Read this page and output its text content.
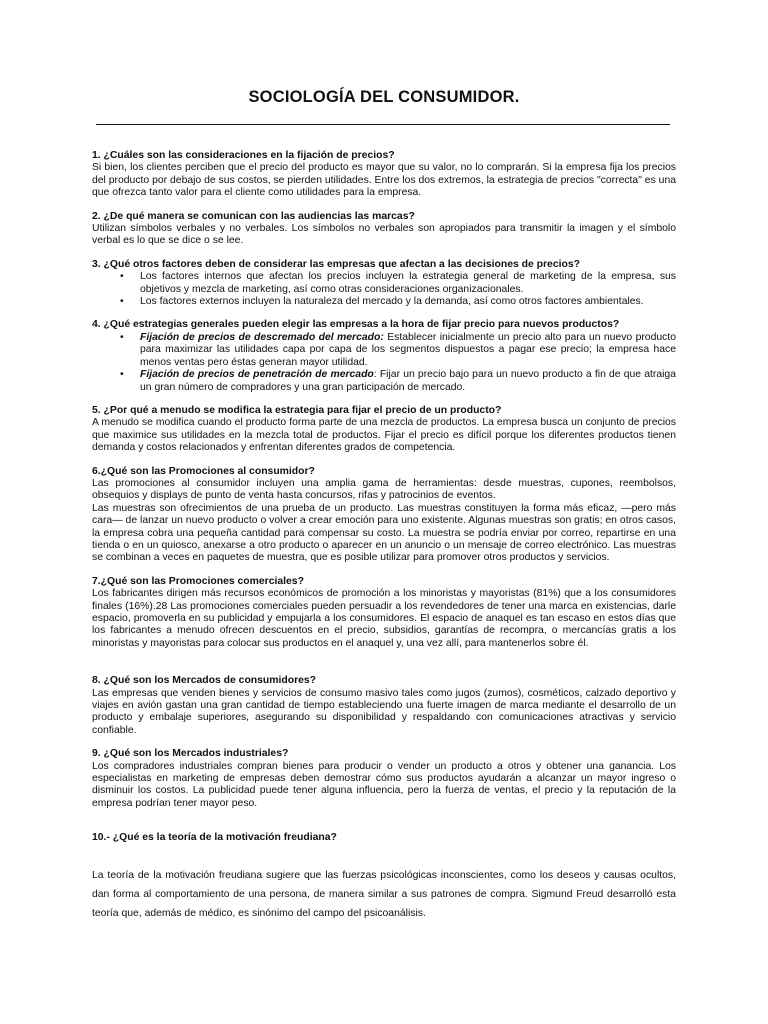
SOCIOLOGÍA DEL CONSUMIDOR.
1. ¿Cuáles son las consideraciones en la fijación de precios?

Si bien, los clientes perciben que el precio del producto es mayor que su valor, no lo comprarán. Si la empresa fija los precios del producto por debajo de sus costos, se pierden utilidades. Entre los dos extremos, la estrategia de precios "correcta" es una que ofrezca tanto valor para el cliente como utilidades para la empresa.

2. ¿De qué manera se comunican con las audiencias las marcas?

Utilizan símbolos verbales y no verbales. Los símbolos no verbales son apropiados para transmitir la imagen y el símbolo verbal es lo que se dice o se lee.

3. ¿Qué otros factores deben de considerar las empresas que afectan a las decisiones de precios?
• Los factores internos que afectan los precios incluyen la estrategia general de marketing de la empresa, sus objetivos y mezcla de marketing, así como otras consideraciones organizacionales.
• Los factores externos incluyen la naturaleza del mercado y la demanda, así como otros factores ambientales.
4. ¿Qué estrategias generales pueden elegir las empresas a la hora de fijar precio para nuevos productos?
• Fijación de precios de descremado del mercado: Establecer inicialmente un precio alto para un nuevo producto para maximizar las utilidades capa por capa de los segmentos dispuestos a pagar ese precio; la empresa hace menos ventas pero éstas generan mayor utilidad.
• Fijación de precios de penetración de mercado: Fijar un precio bajo para un nuevo producto a fin de que atraiga un gran número de compradores y una gran participación de mercado.
5. ¿Por qué a menudo se modifica la estrategia para fijar el precio de un producto?

A menudo se modifica cuando el producto forma parte de una mezcla de productos. La empresa busca un conjunto de precios que maximice sus utilidades en la mezcla total de productos. Fijar el precio es difícil porque los diferentes productos tienen demanda y costos relacionados y enfrentan diferentes grados de competencia.

6.¿Qué son las Promociones al consumidor?

Las promociones al consumidor incluyen una amplia gama de herramientas: desde muestras, cupones, reembolsos, obsequios y displays de punto de venta hasta concursos, rifas y patrocinios de eventos.

Las muestras son ofrecimientos de una prueba de un producto. Las muestras constituyen la forma más eficaz, —pero más cara— de lanzar un nuevo producto o volver a crear emoción para uno existente. Algunas muestras son gratis; en otros casos, la empresa cobra una pequeña cantidad para compensar su costo. La muestra se podría enviar por correo, repartirse en una tienda o en un quiosco, anexarse a otro producto o aparecer en un anuncio o un mensaje de correo electrónico. Las muestras se combinan a veces en paquetes de muestra, que es posible utilizar para promover otros productos y servicios.

7.¿Qué son las Promociones comerciales?

Los fabricantes dirigen más recursos económicos de promoción a los minoristas y mayoristas (81%) que a los consumidores finales (16%).28 Las promociones comerciales pueden persuadir a los revendedores de tener una marca en existencias, darle espacio, promoverla en su publicidad y empujarla a los consumidores. El espacio de anaquel es tan escaso en estos días que los fabricantes a menudo ofrecen descuentos en el precio, subsidios, garantías de recompra, o mercancías gratis a los minoristas y mayoristas para colocar sus productos en el anaquel y, una vez allí, para mantenerlos sobre él.

8. ¿Qué son los Mercados de consumidores?

Las empresas que venden bienes y servicios de consumo masivo tales como jugos (zumos), cosméticos, calzado deportivo y viajes en avión gastan una gran cantidad de tiempo estableciendo una fuerte imagen de marca mediante el desarrollo de un producto y embalaje superiores, asegurando su disponibilidad y respaldando con comunicaciones atractivas y servicio confiable.

9. ¿Qué son los Mercados industriales?

Los compradores industriales compran bienes para producir o vender un producto a otros y obtener una ganancia. Los especialistas en marketing de empresas deben demostrar cómo sus productos ayudarán a alcanzar un mayor ingreso o disminuir los costos. La publicidad puede tener alguna influencia, pero la fuerza de ventas, el precio y la reputación de la empresa podrían tener mayor peso.

10.- ¿Qué es la teoría de la motivación freudiana?

La teoría de la motivación freudiana sugiere que las fuerzas psicológicas inconscientes, como los deseos y causas ocultos, dan forma al comportamiento de una persona, de manera similar a sus patrones de compra. Sigmund Freud desarrolló esta teoría que, además de médico, es sinónimo del campo del psicoanálisis.
